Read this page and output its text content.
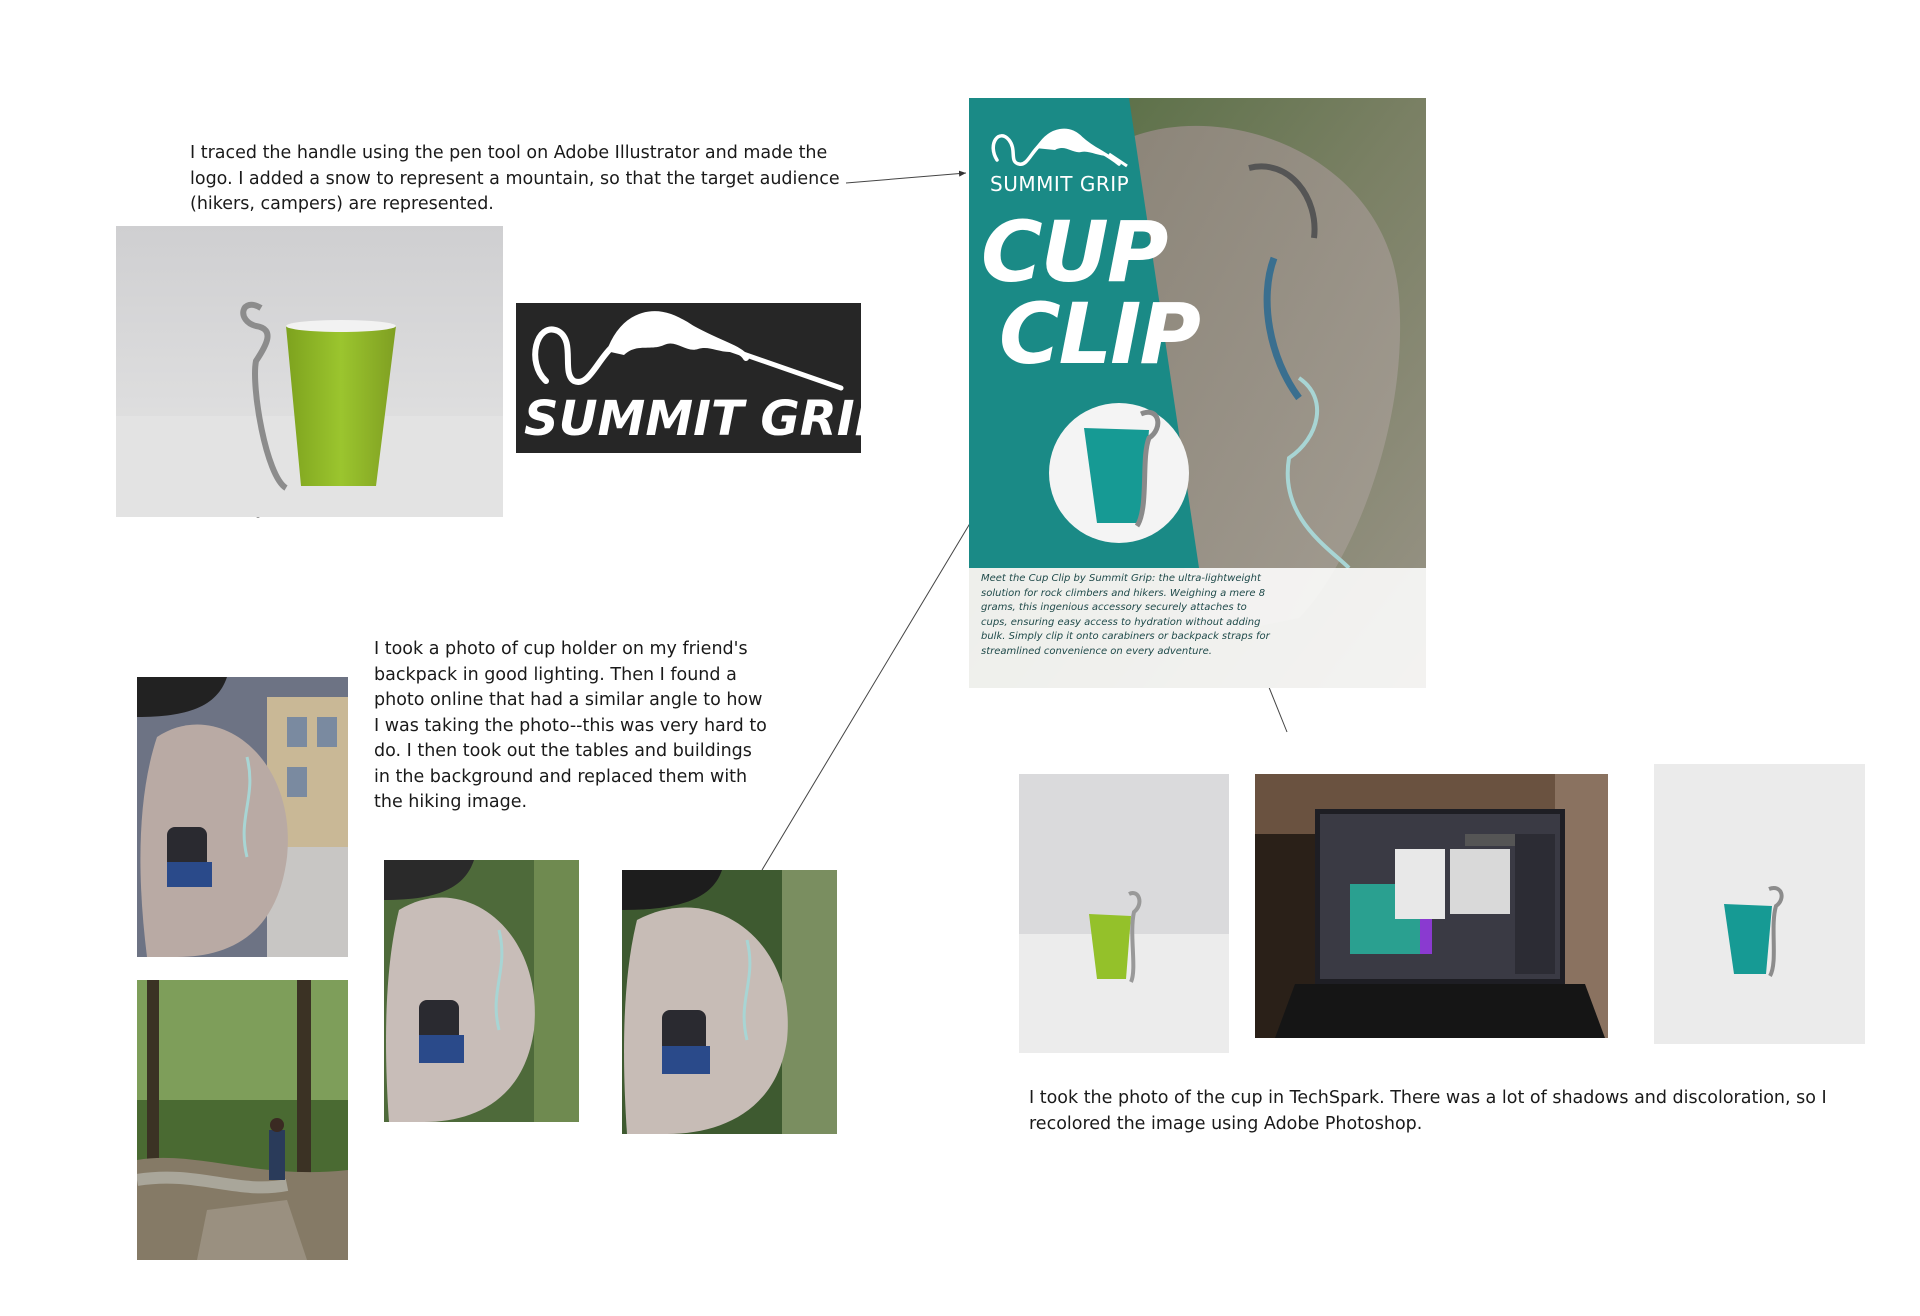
I traced the handle using the pen tool on Adobe Illustrator and made the
logo. I added a snow to represent a mountain, so that the target audience
(hikers, campers) are represented.
SUMMIT GRIP
SUMMIT GRIP
CUP
CLIP
Meet the Cup Clip by Summit Grip: the ultra-lightweight
solution for rock climbers and hikers. Weighing a mere 8
grams, this ingenious accessory securely attaches to
cups, ensuring easy access to hydration without adding
bulk. Simply clip it onto carabiners or backpack straps for
streamlined convenience on every adventure.
I took a photo of cup holder on my friend's
backpack in good lighting. Then I found a
photo online that had a similar angle to how
I was taking the photo--this was very hard to
do. I then took out the tables and buildings
in the background and replaced them with
the hiking image.
I took the photo of the cup in TechSpark. There was a lot of shadows and discoloration, so I
recolored the image using Adobe Photoshop.
